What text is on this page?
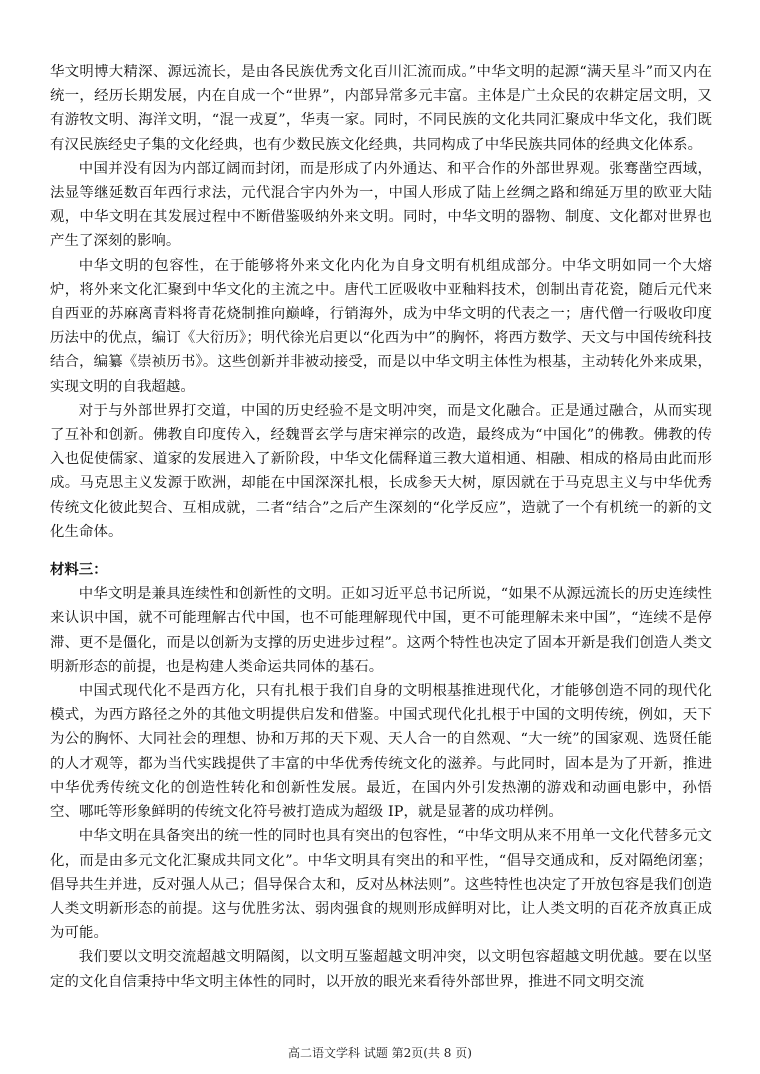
华文明博大精深、源远流长，是由各民族优秀文化百川汇流而成。”中华文明的起源“满天星斗”而又内在统一，经历长期发展，内在自成一个“世界”，内部异常多元丰富。主体是广土众民的农耕定居文明，又有游牧文明、海洋文明，“混一戎夏”，华夷一家。同时，不同民族的文化共同汇聚成中华文化，我们既有汉民族经史子集的文化经典，也有少数民族文化经典，共同构成了中华民族共同体的经典文化体系。

中国并没有因为内部辽阔而封闭，而是形成了内外通达、和平合作的外部世界观。张骞凿空西域，法显等继延数百年西行求法，元代混合宇内外为一，中国人形成了陆上丝绸之路和绵延万里的欧亚大陆观，中华文明在其发展过程中不断借鉴吸纳外来文明。同时，中华文明的器物、制度、文化都对世界也产生了深刻的影响。

中华文明的包容性，在于能够将外来文化内化为自身文明有机组成部分。中华文明如同一个大熔炉，将外来文化汇聚到中华文化的主流之中。唐代工匠吸收中亚釉料技术，创制出青花瓷，随后元代来自西亚的苏麻离青料将青花烧制推向巅峰，行销海外，成为中华文明的代表之一；唐代僧一行吸收印度历法中的优点，编订《大衍历》；明代徐光启更以“化西为中”的胸怀，将西方数学、天文与中国传统科技结合，编纂《崇祯历书》。这些创新并非被动接受，而是以中华文明主体性为根基，主动转化外来成果，实现文明的自我超越。

对于与外部世界打交道，中国的历史经验不是文明冲突，而是文化融合。正是通过融合，从而实现了互补和创新。佛教自印度传入，经魏晋玄学与唐宋禅宗的改造，最终成为“中国化”的佛教。佛教的传入也促使儒家、道家的发展进入了新阶段，中华文化儒释道三教大道相通、相融、相成的格局由此而形成。马克思主义发源于欧洲，却能在中国深深扎根，长成参天大树，原因就在于马克思主义与中华优秀传统文化彼此契合、互相成就，二者“结合”之后产生深刻的“化学反应”，造就了一个有机统一的新的文化生命体。

材料三：

中华文明是兼具连续性和创新性的文明。正如习近平总书记所说，“如果不从源远流长的历史连续性来认识中国，就不可能理解古代中国，也不可能理解现代中国，更不可能理解未来中国”，“连续不是停滞、更不是僵化，而是以创新为支撑的历史进步过程”。这两个特性也决定了固本开新是我们创造人类文明新形态的前提，也是构建人类命运共同体的基石。

中国式现代化不是西方化，只有扎根于我们自身的文明根基推进现代化，才能够创造不同的现代化模式，为西方路径之外的其他文明提供启发和借鉴。中国式现代化扎根于中国的文明传统，例如，天下为公的胸怀、大同社会的理想、协和万邦的天下观、天人合一的自然观、“大一统”的国家观、选贤任能的人才观等，都为当代实践提供了丰富的中华优秀传统文化的滋养。与此同时，固本是为了开新，推进中华优秀传统文化的创造性转化和创新性发展。最近，在国内外引发热潮的游戏和动画电影中，孙悟空、哪吒等形象鲜明的传统文化符号被打造成为超级 IP，就是显著的成功样例。

中华文明在具备突出的统一性的同时也具有突出的包容性，“中华文明从来不用单一文化代替多元文化，而是由多元文化汇聚成共同文化”。中华文明具有突出的和平性，“倡导交通成和，反对隔绝闭塞；倡导共生并进，反对强人从己；倡导保合太和，反对丛林法则”。这些特性也决定了开放包容是我们创造人类文明新形态的前提。这与优胜劣汰、弱肉强食的规则形成鲜明对比，让人类文明的百花齐放真正成为可能。

我们要以文明交流超越文明隔阂，以文明互鉴超越文明冲突，以文明包容超越文明优越。要在以坚定的文化自信秉持中华文明主体性的同时，以开放的眼光来看待外部世界，推进不同文明交流

高二语文学科 试题 第2页(共 8 页)
